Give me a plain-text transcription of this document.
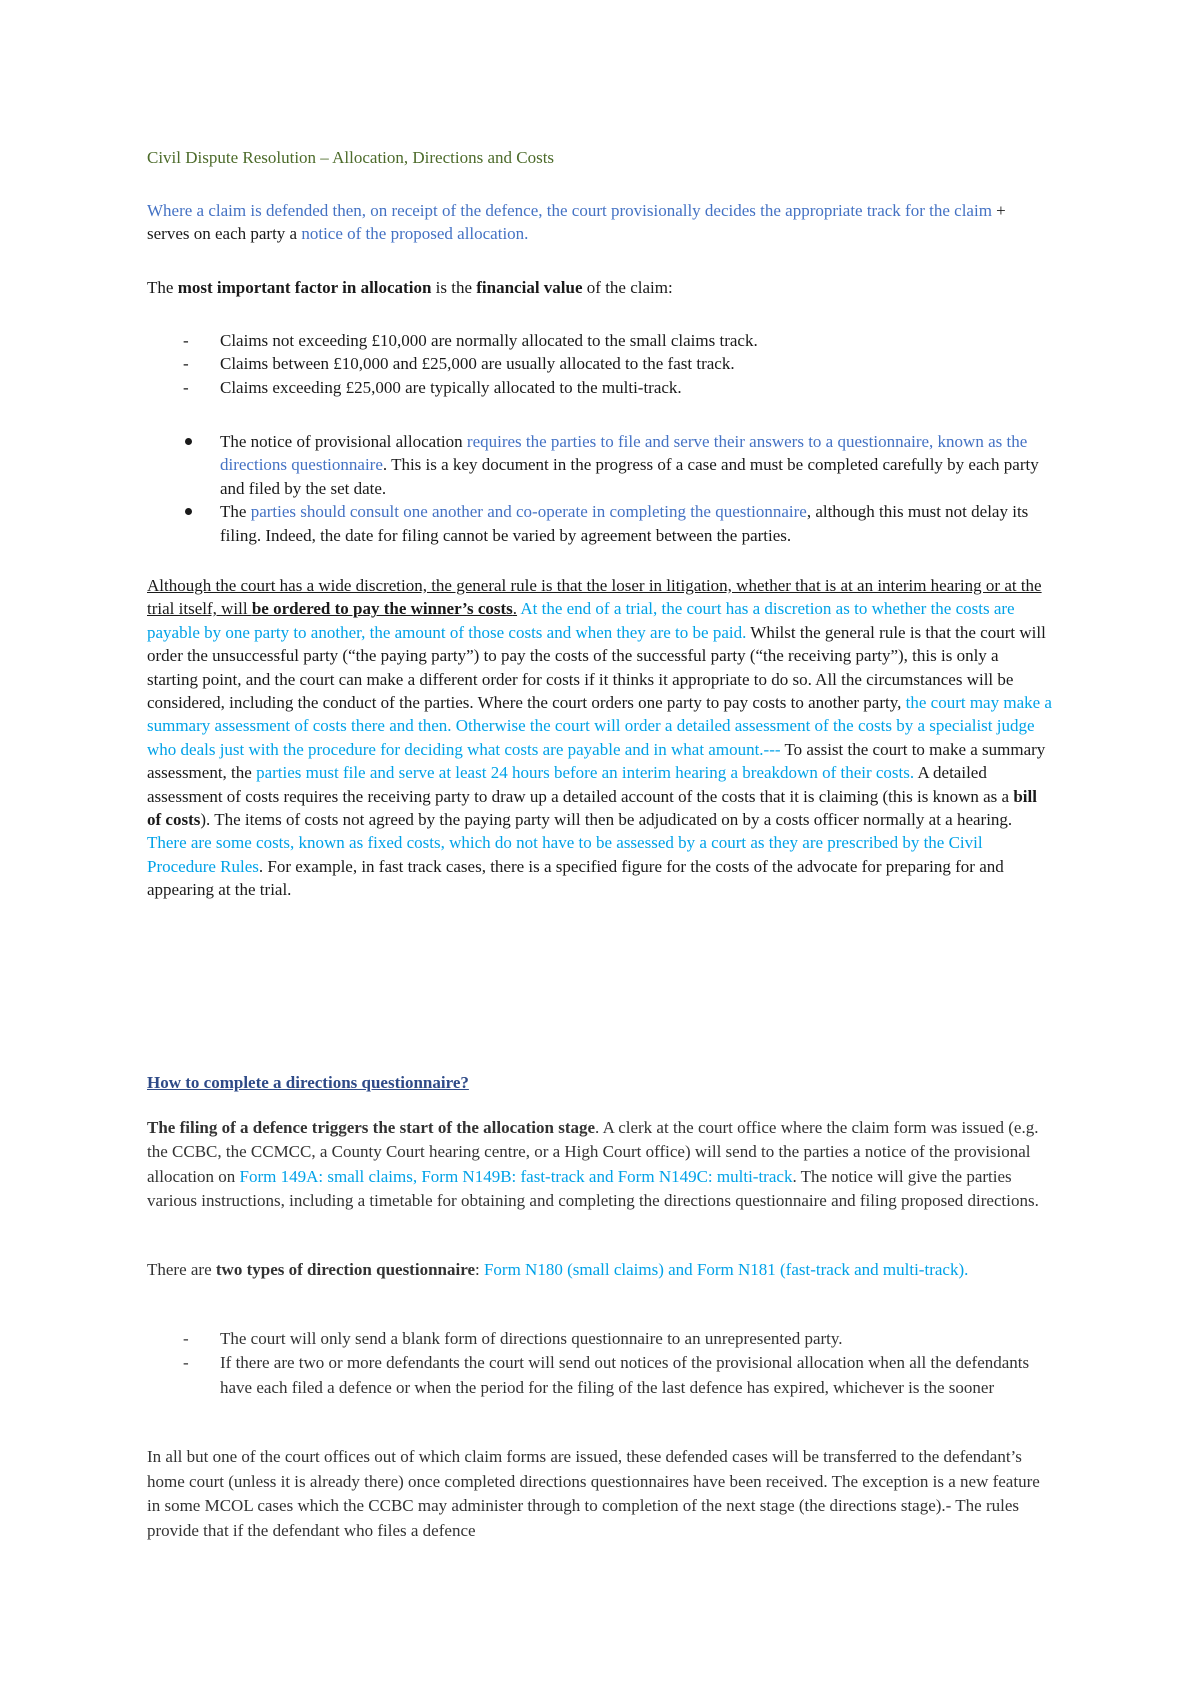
Civil Dispute Resolution – Allocation, Directions and Costs
Where a claim is defended then, on receipt of the defence, the court provisionally decides the appropriate track for the claim + serves on each party a notice of the proposed allocation.
The most important factor in allocation is the financial value of the claim:
- Claims not exceeding £10,000 are normally allocated to the small claims track.
- Claims between £10,000 and £25,000 are usually allocated to the fast track.
- Claims exceeding £25,000 are typically allocated to the multi-track.
The notice of provisional allocation requires the parties to file and serve their answers to a questionnaire, known as the directions questionnaire. This is a key document in the progress of a case and must be completed carefully by each party and filed by the set date.
The parties should consult one another and co-operate in completing the questionnaire, although this must not delay its filing. Indeed, the date for filing cannot be varied by agreement between the parties.
Although the court has a wide discretion, the general rule is that the loser in litigation, whether that is at an interim hearing or at the trial itself, will be ordered to pay the winner’s costs. At the end of a trial, the court has a discretion as to whether the costs are payable by one party to another, the amount of those costs and when they are to be paid. Whilst the general rule is that the court will order the unsuccessful party (“the paying party”) to pay the costs of the successful party (“the receiving party”), this is only a starting point, and the court can make a different order for costs if it thinks it appropriate to do so. All the circumstances will be considered, including the conduct of the parties. Where the court orders one party to pay costs to another party, the court may make a summary assessment of costs there and then. Otherwise the court will order a detailed assessment of the costs by a specialist judge who deals just with the procedure for deciding what costs are payable and in what amount.--- To assist the court to make a summary assessment, the parties must file and serve at least 24 hours before an interim hearing a breakdown of their costs. A detailed assessment of costs requires the receiving party to draw up a detailed account of the costs that it is claiming (this is known as a bill of costs). The items of costs not agreed by the paying party will then be adjudicated on by a costs officer normally at a hearing. There are some costs, known as fixed costs, which do not have to be assessed by a court as they are prescribed by the Civil Procedure Rules. For example, in fast track cases, there is a specified figure for the costs of the advocate for preparing for and appearing at the trial.
How to complete a directions questionnaire?
The filing of a defence triggers the start of the allocation stage. A clerk at the court office where the claim form was issued (e.g. the CCBC, the CCMCC, a County Court hearing centre, or a High Court office) will send to the parties a notice of the provisional allocation on Form 149A: small claims, Form N149B: fast-track and Form N149C: multi-track. The notice will give the parties various instructions, including a timetable for obtaining and completing the directions questionnaire and filing proposed directions.
There are two types of direction questionnaire: Form N180 (small claims) and Form N181 (fast-track and multi-track).
- The court will only send a blank form of directions questionnaire to an unrepresented party.
- If there are two or more defendants the court will send out notices of the provisional allocation when all the defendants have each filed a defence or when the period for the filing of the last defence has expired, whichever is the sooner
In all but one of the court offices out of which claim forms are issued, these defended cases will be transferred to the defendant’s home court (unless it is already there) once completed directions questionnaires have been received. The exception is a new feature in some MCOL cases which the CCBC may administer through to completion of the next stage (the directions stage).- The rules provide that if the defendant who files a defence
